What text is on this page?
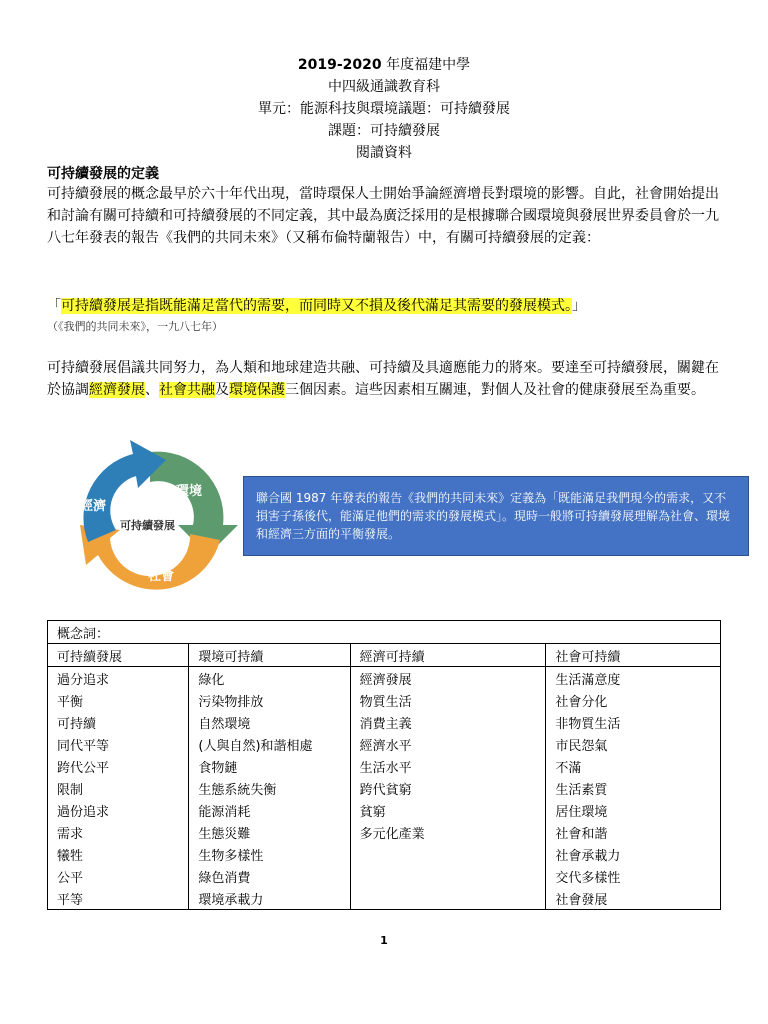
2019-2020 年度福建中學
中四級通識教育科
單元：能源科技與環境議題：可持續發展
課題：可持續發展
閱讀資料
可持續發展的定義
可持續發展的概念最早於六十年代出現，當時環保人士開始爭論經濟增長對環境的影響。自此，社會開始提出和討論有關可持續和可持續發展的不同定義，其中最為廣泛採用的是根據聯合國環境與發展世界委員會於一九八七年發表的報告《我們的共同未來》（又稱布倫特蘭報告）中，有關可持續發展的定義：
「可持續發展是指既能滿足當代的需要，而同時又不損及後代滿足其需要的發展模式。」
（《我們的共同未來》，一九八七年）
可持續發展倡議共同努力，為人類和地球建造共融、可持續及具適應能力的將來。要達至可持續發展，關鍵在於協調經濟發展、社會共融及環境保護三個因素。這些因素相互關連，對個人及社會的健康發展至為重要。
經濟
環境
社會
可持續發展
聯合國 1987 年發表的報告《我們的共同未來》定義為「既能滿足我們現今的需求，又不損害子孫後代，能滿足他們的需求的發展模式」。現時一般將可持續發展理解為社會、環境和經濟三方面的平衡發展。
概念詞：			
可持續發展	環境可持續	經濟可持續	社會可持續
過分追求	綠化	經濟發展	生活滿意度
平衡	污染物排放	物質生活	社會分化
可持續	自然環境	消費主義	非物質生活
同代平等	(人與自然)和諧相處	經濟水平	市民怨氣
跨代公平	食物鏈	生活水平	不滿
限制	生態系統失衡	跨代貧窮	生活素質
過份追求	能源消耗	貧窮	居住環境
需求	生態災難	多元化產業	社會和諧
犧牲	生物多樣性		社會承載力
公平	綠色消費		交代多樣性
平等	環境承載力		社會發展
1
